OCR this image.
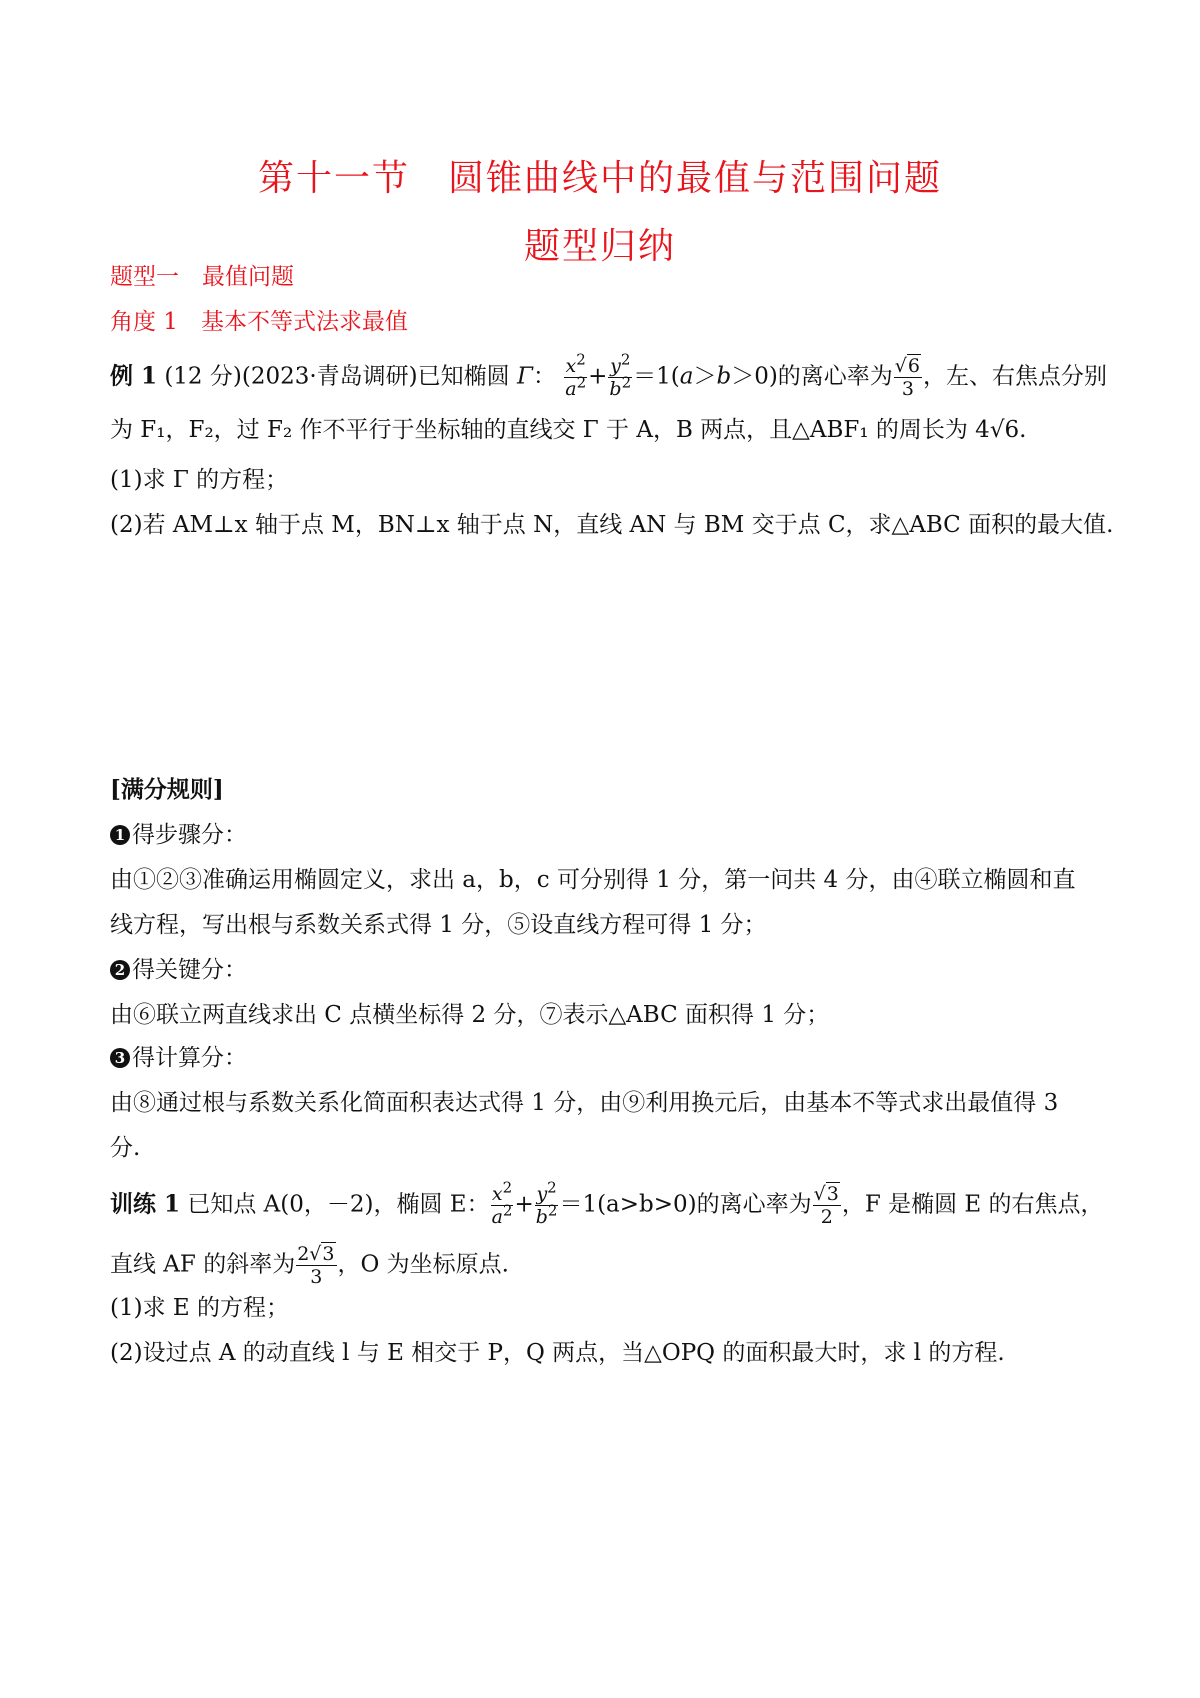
第十一节　圆锥曲线中的最值与范围问题
题型归纳
题型一　最值问题
角度 1　基本不等式法求最值
例 1 (12 分)(2023·青岛调研)已知椭圆 Γ： $\frac{x^2}{a^2} + \frac{y^2}{b^2} =1(a>b>0)$的离心率为 $\frac{√6}{3}$ ，左、右焦点分别
为 F₁，F₂，过 F₂ 作不平行于坐标轴的直线交 Γ 于 A，B 两点，且△ABF₁ 的周长为 4√6.
(1)求 Γ 的方程；
(2)若 AM⊥x 轴于点 M，BN⊥x 轴于点 N，直线 AN 与 BM 交于点 C，求△ABC 面积的最大值.
[满分规则]
1 得步骤分：
由①②③准确运用椭圆定义，求出 a，b，c 可分别得 1 分，第一问共 4 分，由④联立椭圆和直
线方程，写出根与系数关系式得 1 分，⑤设直线方程可得 1 分；
2 得关键分：
由⑥联立两直线求出 C 点横坐标得 2 分，⑦表示△ABC 面积得 1 分；
3 得计算分：
由⑧通过根与系数关系化简面积表达式得 1 分，由⑨利用换元后，由基本不等式求出最值得 3
分.
训练 1 已知点 A(0，－2)，椭圆 E： $\frac{x^2}{a^2} + \frac{y^2}{b^2} =1(a>b>0)$的离心率为 $\frac{√3}{2}$ ，F 是椭圆 E 的右焦点，
直线 AF 的斜率为 $\frac{2√3}{3}$ ，O 为坐标原点.
(1)求 E 的方程；
(2)设过点 A 的动直线 l 与 E 相交于 P，Q 两点，当△OPQ 的面积最大时，求 l 的方程.
